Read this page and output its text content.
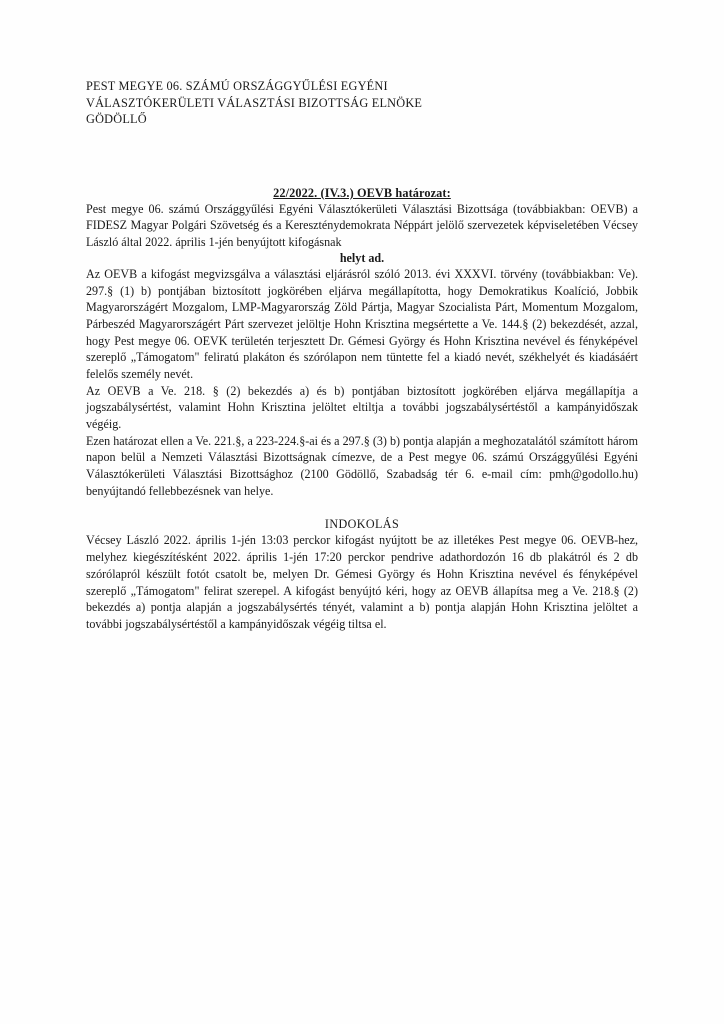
PEST MEGYE 06. SZÁMÚ ORSZÁGGYŰLÉSI EGYÉNI
VÁLASZTÓKERÜLETI VÁLASZTÁSI BIZOTTSÁG ELNÖKE
GÖDÖLLŐ
22/2022. (IV.3.) OEVB határozat:

Pest megye 06. számú Országgyűlési Egyéni Választókerületi Választási Bizottsága (továbbiakban: OEVB) a FIDESZ Magyar Polgári Szövetség és a Kereszténydemokrata Néppárt jelölő szervezetek képviseletében Vécsey László által 2022. április 1-jén benyújtott kifogásnak

helyt ad.

Az OEVB a kifogást megvizsgálva a választási eljárásról szóló 2013. évi XXXVI. törvény (továbbiakban: Ve). 297.§ (1) b) pontjában biztosított jogkörében eljárva megállapította, hogy Demokratikus Koalíció, Jobbik Magyarországért Mozgalom, LMP-Magyarország Zöld Pártja, Magyar Szocialista Párt, Momentum Mozgalom, Párbeszéd Magyarországért Párt szervezet jelöltje Hohn Krisztina megsértette a Ve. 144.§ (2) bekezdését, azzal, hogy Pest megye 06. OEVK területén terjesztett Dr. Gémesi György és Hohn Krisztina nevével és fényképével szereplő „Támogatom" feliratú plakáton és szórólapon nem tüntette fel a kiadó nevét, székhelyét és kiadásáért felelős személy nevét.

Az OEVB a Ve. 218. § (2) bekezdés a) és b) pontjában biztosított jogkörében eljárva megállapítja a jogszabálysértést, valamint Hohn Krisztina jelöltet eltiltja a további jogszabálysértéstől a kampányidőszak végéig.

Ezen határozat ellen a Ve. 221.§, a 223-224.§-ai és a 297.§ (3) b) pontja alapján a meghozatalától számított három napon belül a Nemzeti Választási Bizottságnak címezve, de a Pest megye 06. számú Országgyűlési Egyéni Választókerületi Választási Bizottsághoz (2100 Gödöllő, Szabadság tér 6. e-mail cím: pmh@godollo.hu) benyújtandó fellebbezésnek van helye.

INDOKOLÁS

Vécsey László 2022. április 1-jén 13:03 perckor kifogást nyújtott be az illetékes Pest megye 06. OEVB-hez, melyhez kiegészítésként 2022. április 1-jén 17:20 perckor pendrive adathordozón 16 db plakátról és 2 db szórólapról készült fotót csatolt be, melyen Dr. Gémesi György és Hohn Krisztina nevével és fényképével szereplő „Támogatom" felirat szerepel. A kifogást benyújtó kéri, hogy az OEVB állapítsa meg a Ve. 218.§ (2) bekezdés a) pontja alapján a jogszabálysértés tényét, valamint a b) pontja alapján Hohn Krisztina jelöltet a további jogszabálysértéstől a kampányidőszak végéig tiltsa el.
